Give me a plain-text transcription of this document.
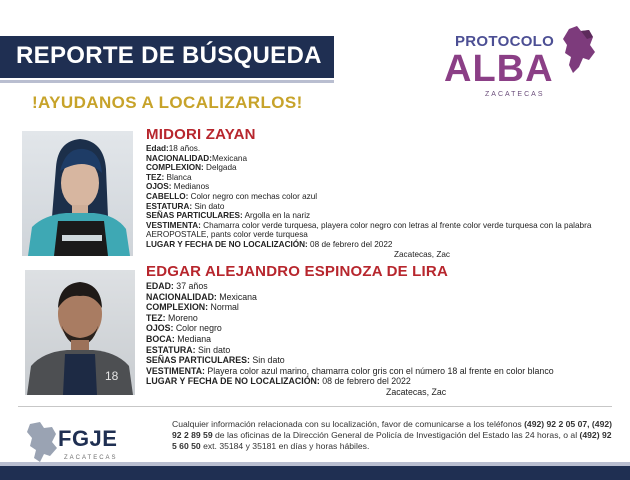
REPORTE DE BÚSQUEDA
PROTOCOLO
ALBA
ZACATECAS
!AYUDANOS A LOCALIZARLOS!
MIDORI ZAYAN
Edad:18 años.
NACIONALIDAD:Mexicana
COMPLEXION: Delgada
TEZ: Blanca
OJOS: Medianos
CABELLO: Color negro con mechas color azul
ESTATURA: Sin dato
SEÑAS PARTICULARES: Argolla en la nariz
VESTIMENTA: Chamarra color verde turquesa, playera color negro con letras al frente color verde turquesa con la palabra AEROPOSTALE, pants color verde turquesa
LUGAR Y FECHA DE NO LOCALIZACIÓN: 08 de febrero del 2022
Zacatecas, Zac
18
EDGAR ALEJANDRO ESPINOZA DE LIRA
EDAD: 37 años
NACIONALIDAD: Mexicana
COMPLEXION: Normal
TEZ: Moreno
OJOS: Color negro
BOCA: Mediana
ESTATURA: Sin dato
SEÑAS PARTICULARES: Sin dato
VESTIMENTA: Playera color azul marino, chamarra color gris con el número 18 al frente en color blanco
LUGAR Y FECHA DE NO LOCALIZACIÓN: 08 de febrero del 2022
Zacatecas, Zac
FGJE
ZACATECAS
Cualquier información relacionada con su localización, favor de comunicarse a los teléfonos (492) 92 2 05 07, (492) 92 2 89 59 de las oficinas de la Dirección General de Policía de Investigación del Estado las 24 horas, o al (492) 92 5 60 50 ext. 35184 y 35181 en días y horas hábiles.
